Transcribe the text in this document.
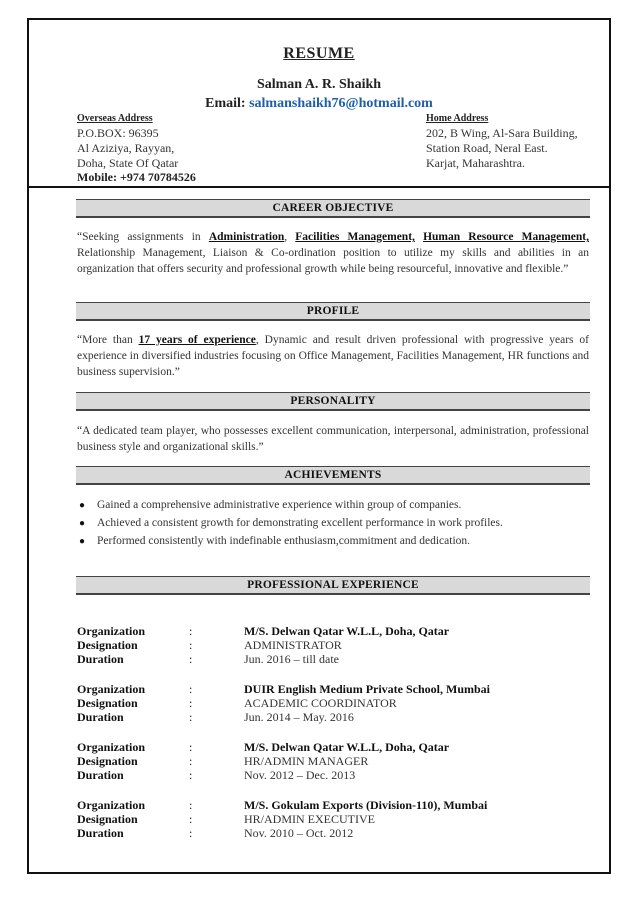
RESUME
Salman A. R. Shaikh
Email: salmanshaikh76@hotmail.com
Overseas Address
P.O.BOX: 96395
Al Aziziya, Rayyan,
Doha, State Of Qatar
Mobile: +974 70784526
Home Address
202, B Wing, Al-Sara Building,
Station Road, Neral East.
Karjat, Maharashtra.
CAREER OBJECTIVE
“Seeking assignments in Administration, Facilities Management, Human Resource Management, Relationship Management, Liaison & Co-ordination position to utilize my skills and abilities in an organization that offers security and professional growth while being resourceful, innovative and flexible.”
PROFILE
“More than 17 years of experience, Dynamic and result driven professional with progressive years of experience in diversified industries focusing on Office Management, Facilities Management, HR functions and business supervision.”
PERSONALITY
“A dedicated team player, who possesses excellent communication, interpersonal, administration, professional business style and organizational skills.”
ACHIEVEMENTS
● Gained a comprehensive administrative experience within group of companies.
● Achieved a consistent growth for demonstrating excellent performance in work profiles.
● Performed consistently with indefinable enthusiasm,commitment and dedication.
PROFESSIONAL EXPERIENCE
Organization	:	M/S. Delwan Qatar W.L.L, Doha, Qatar
Designation	:	ADMINISTRATOR
Duration	:	Jun. 2016 – till date
Organization	:	DUIR English Medium Private School, Mumbai
Designation	:	ACADEMIC COORDINATOR
Duration	:	Jun. 2014 – May. 2016
Organization	:	M/S. Delwan Qatar W.L.L, Doha, Qatar
Designation	:	HR/ADMIN MANAGER
Duration	:	Nov. 2012 – Dec. 2013
Organization	:	M/S. Gokulam Exports (Division-110), Mumbai
Designation	:	HR/ADMIN EXECUTIVE
Duration	:	Nov. 2010 – Oct. 2012
